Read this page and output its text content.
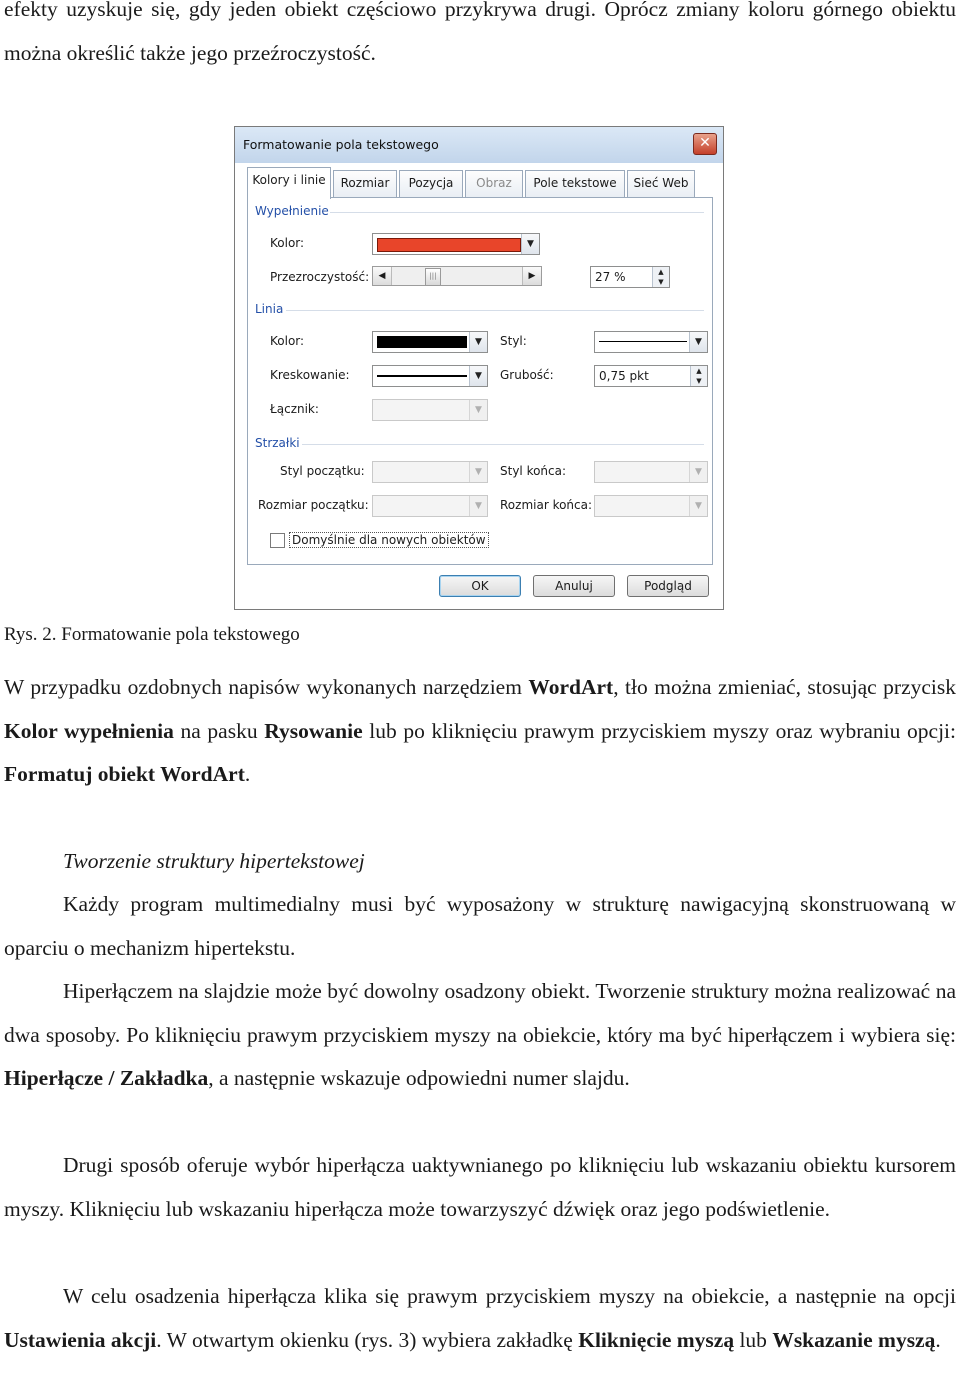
efekty uzyskuje się, gdy jeden obiekt częściowo przykrywa drugi. Oprócz zmiany koloru górnego obiektu można określić także jego przeźroczystość.

Formatowanie pola tekstowego	✕
Kolory i linie	Rozmiar	Pozycja	Obraz	Pole tekstowe	Sieć Web
Wypełnienie
Kolor:	▼
Przezroczystość:	◀	|||	▶	27 %	▲
▼
Linia
Kolor:	▼	Styl:	▼
Kreskowanie:	▼	Grubość:	0,75 pkt	▲
▼
Łącznik:	▼
Strzałki
Styl początku:	▼	Styl końca:	▼
Rozmiar początku:	▼	Rozmiar końca:	▼
Domyślnie dla nowych obiektów
OK	Anuluj	Podgląd

Rys. 2. Formatowanie pola tekstowego

W przypadku ozdobnych napisów wykonanych narzędziem WordArt, tło można zmieniać, stosując przycisk Kolor wypełnienia na pasku Rysowanie lub po kliknięciu prawym przyciskiem myszy oraz wybraniu opcji: Formatuj obiekt WordArt.

Tworzenie struktury hipertekstowej

Każdy program multimedialny musi być wyposażony w strukturę nawigacyjną skonstruowaną w oparciu o mechanizm hipertekstu.

Hiperłączem na slajdzie może być dowolny osadzony obiekt. Tworzenie struktury można realizować na dwa sposoby. Po kliknięciu prawym przyciskiem myszy na obiekcie, który ma być hiperłączem i wybiera się: Hiperłącze / Zakładka, a następnie wskazuje odpowiedni numer slajdu.

Drugi sposób oferuje wybór hiperłącza uaktywnianego po kliknięciu lub wskazaniu obiektu kursorem myszy. Kliknięciu lub wskazaniu hiperłącza może towarzyszyć dźwięk oraz jego podświetlenie.

W celu osadzenia hiperłącza klika się prawym przyciskiem myszy na obiekcie, a następnie na opcji Ustawienia akcji. W otwartym okienku (rys. 3) wybiera zakładkę Kliknięcie myszą lub Wskazanie myszą.
